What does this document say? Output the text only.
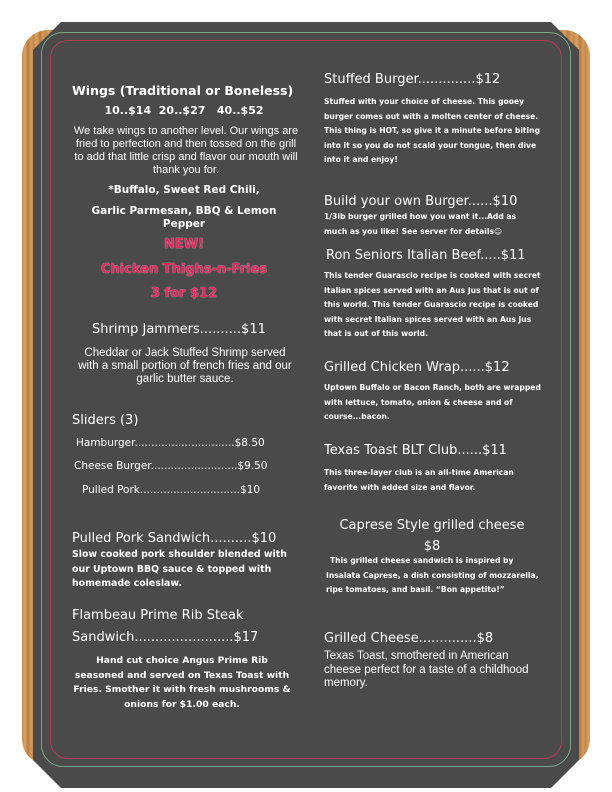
Wings (Traditional or Boneless)
10..$14  20..$27   40..$52
We take wings to another level. Our wings are fried to perfection and then tossed on the grill to add that little crisp and flavor our mouth will thank you for.
*Buffalo, Sweet Red Chili,
Garlic Parmesan, BBQ & Lemon Pepper
NEW!
Chicken Thighs-n-Fries
3 for $12
Shrimp Jammers..........$11
Cheddar or Jack Stuffed Shrimp served with a small portion of french fries and our garlic butter sauce.
Sliders (3)
Hamburger..............................$8.50
Cheese Burger..........................$9.50
Pulled Pork..............................$10
Pulled Pork Sandwich..........$10
Slow cooked pork shoulder blended with our Uptown BBQ sauce & topped with homemade coleslaw.
Flambeau Prime Rib Steak
Sandwich........................$17
Hand cut choice Angus Prime Rib seasoned and served on Texas Toast with Fries. Smother it with fresh mushrooms & onions for $1.00 each.
Stuffed Burger..............$12
Stuffed with your choice of cheese. This gooey burger comes out with a molten center of cheese. This thing is HOT, so give it a minute before biting into it so you do not scald your tongue, then dive into it and enjoy!
Build your own Burger......$10
1/3lb burger grilled how you want it...Add as much as you like! See server for details☺
Ron Seniors Italian Beef.....$11
This tender Guarascio recipe is cooked with secret Italian spices served with an Aus Jus that is out of this world. This tender Guarascio recipe is cooked with secret Italian spices served with an Aus Jus that is out of this world.
Grilled Chicken Wrap......$12
Uptown Buffalo or Bacon Ranch, both are wrapped with lettuce, tomato, onion & cheese and of course...bacon.
Texas Toast BLT Club......$11
This three-layer club is an all-time American favorite with added size and flavor.
Caprese Style grilled cheese
$8
This grilled cheese sandwich is inspired by Insalata Caprese, a dish consisting of mozzarella, ripe tomatoes, and basil. “Bon appetito!”
Grilled Cheese..............$8
Texas Toast, smothered in American cheese perfect for a taste of a childhood memory.
